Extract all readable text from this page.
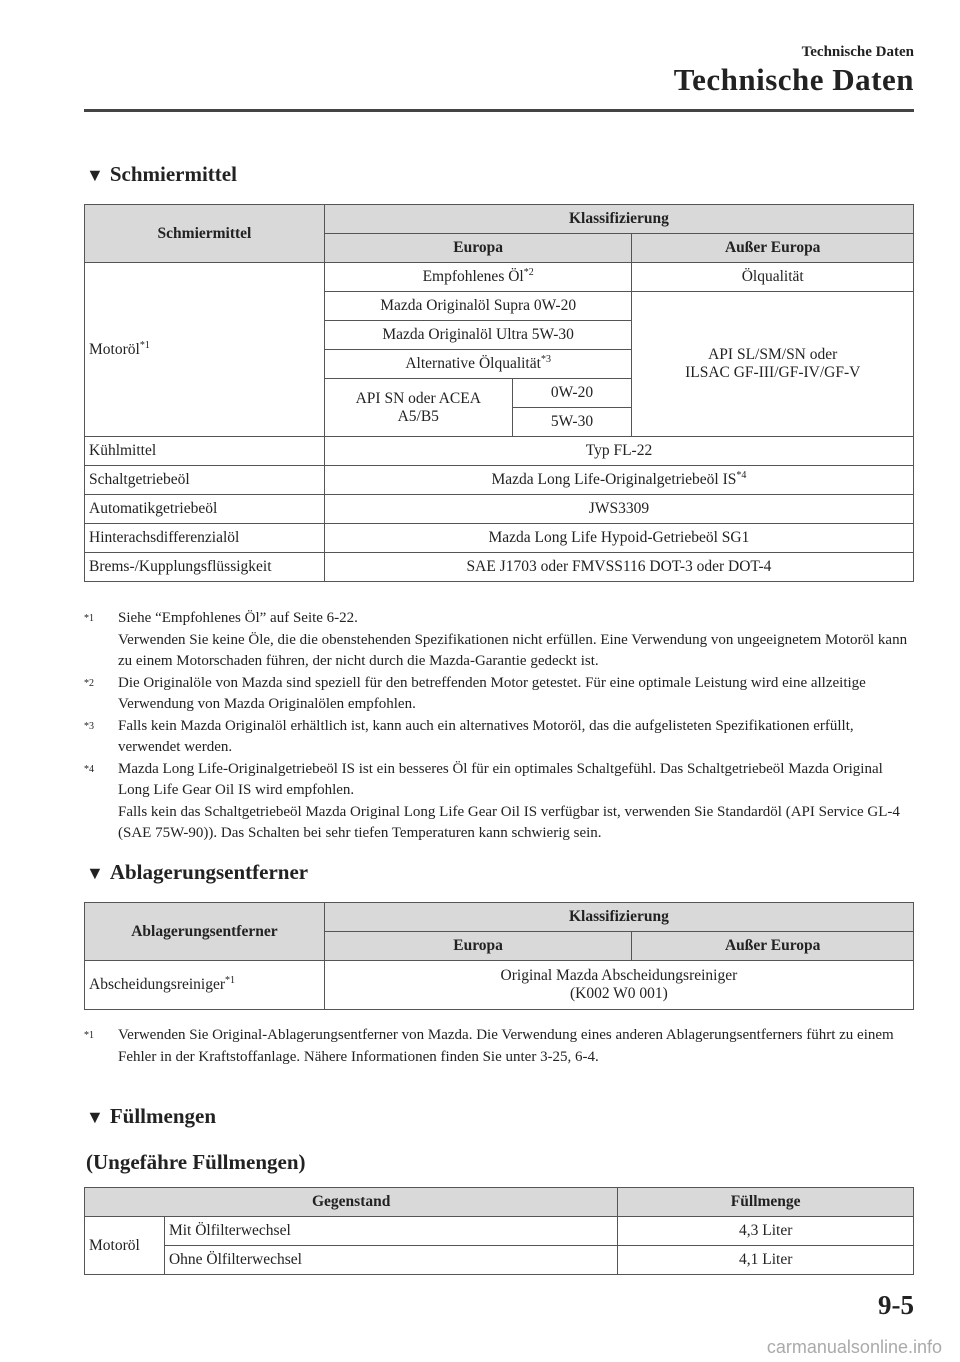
Technische Daten
Technische Daten
▼ Schmiermittel
Schmiermittel	Klassifizierung		
	Europa		Außer Europa
Motoröl$^{*1}$	Empfohlenes $Öl^{*2}$		Ölqualität
	Mazda Originalöl Supra 0W-20		API SL/SM/SN oder
ILSAC GF-III/GF-IV/GF-V
	Mazda Originalöl Ultra 5W-30		
	Alternative Ölqualität$^{*3}$
	API SN oder ACEA
A5/B5	0W-20	
		5W-30	
Kühlmittel	Typ FL-22		
Schaltgetriebeöl	Mazda Long Life-Originalgetriebeöl IS$^{*4}$
Automatikgetriebeöl	JWS3309		
Hinterachsdifferenzialöl	Mazda Long Life Hypoid-Getriebeöl SG1		
Brems-/Kupplungsflüssigkeit	SAE J1703 oder FMVSS116 DOT-3 oder DOT-4		
*1 Siehe “Empfohlenes Öl” auf Seite 6-22.
Verwenden Sie keine Öle, die die obenstehenden Spezifikationen nicht erfüllen. Eine Verwendung von ungeeignetem Motoröl kann zu einem Motorschaden führen, der nicht durch die Mazda-Garantie gedeckt ist.
*2 Die Originalöle von Mazda sind speziell für den betreffenden Motor getestet. Für eine optimale Leistung wird eine allzeitige Verwendung von Mazda Originalölen empfohlen.
*3 Falls kein Mazda Originalöl erhältlich ist, kann auch ein alternatives Motoröl, das die aufgelisteten Spezifikationen erfüllt, verwendet werden.
*4 Mazda Long Life-Originalgetriebeöl IS ist ein besseres Öl für ein optimales Schaltgefühl. Das Schaltgetriebeöl Mazda Original Long Life Gear Oil IS wird empfohlen.
Falls kein das Schaltgetriebeöl Mazda Original Long Life Gear Oil IS verfügbar ist, verwenden Sie Standardöl (API Service GL-4 (SAE 75W-90)). Das Schalten bei sehr tiefen Temperaturen kann schwierig sein.
▼ Ablagerungsentferner
Ablagerungsentferner	Klassifizierung	
	Europa	Außer Europa
Abscheidungsreiniger$^{*1}$	Original Mazda Abscheidungsreiniger
(K002 W0 001)	
*1 Verwenden Sie Original-Ablagerungsentferner von Mazda. Die Verwendung eines anderen Ablagerungsentferners führt zu einem Fehler in der Kraftstoffanlage. Nähere Informationen finden Sie unter 3-25, 6-4.
▼ Füllmengen
(Ungefähre Füllmengen)
Gegenstand		Füllmenge
Motoröl	Mit Ölfilterwechsel	4,3 Liter
	Ohne Ölfilterwechsel	4,1 Liter
9-5
carmanualsonline.info
